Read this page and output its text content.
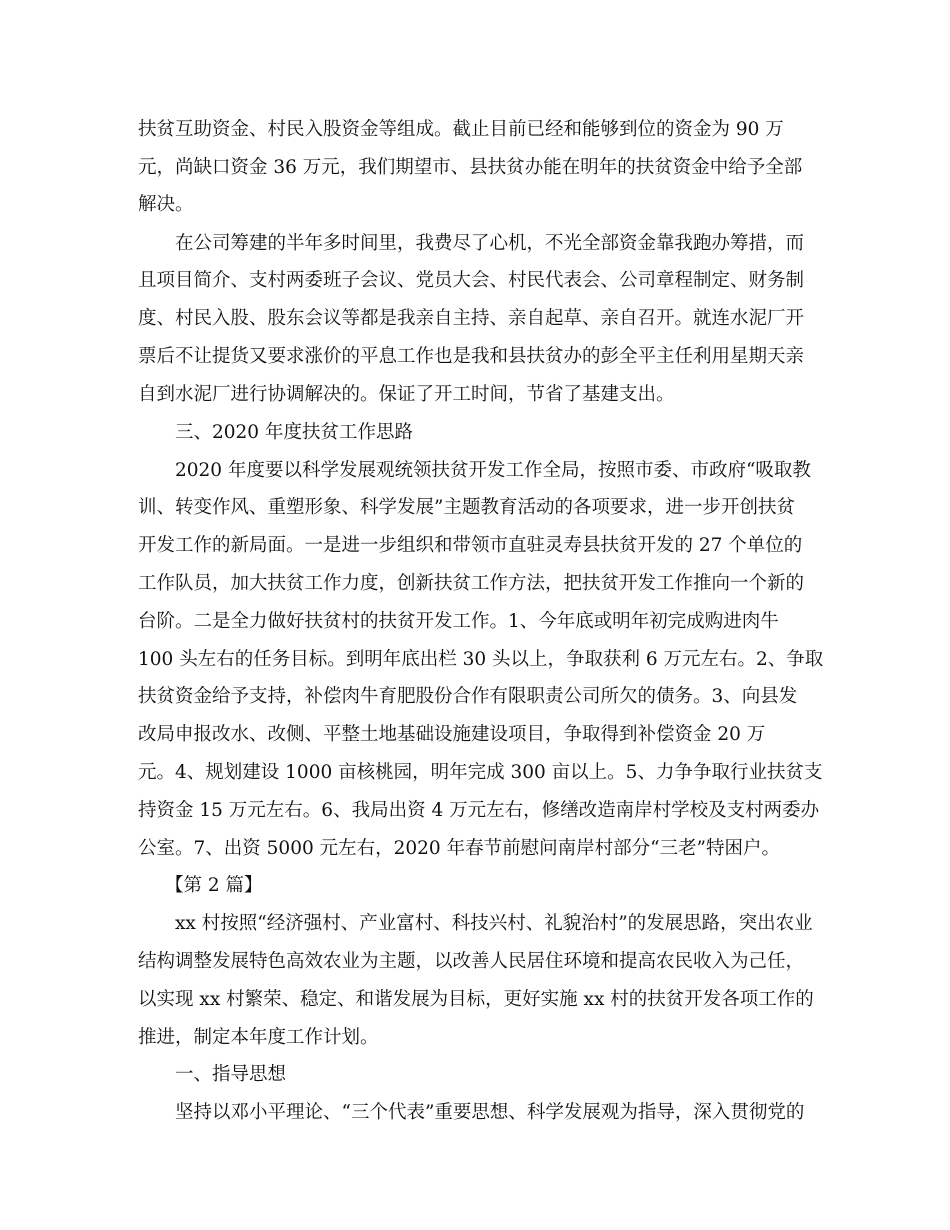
扶贫互助资金、村民入股资金等组成。截止目前已经和能够到位的资金为 90 万
元，尚缺口资金 36 万元，我们期望市、县扶贫办能在明年的扶贫资金中给予全部
解决。
在公司筹建的半年多时间里，我费尽了心机，不光全部资金靠我跑办筹措，而
且项目简介、支村两委班子会议、党员大会、村民代表会、公司章程制定、财务制
度、村民入股、股东会议等都是我亲自主持、亲自起草、亲自召开。就连水泥厂开
票后不让提货又要求涨价的平息工作也是我和县扶贫办的彭全平主任利用星期天亲
自到水泥厂进行协调解决的。保证了开工时间，节省了基建支出。
三、2020 年度扶贫工作思路
2020 年度要以科学发展观统领扶贫开发工作全局，按照市委、市政府“吸取教
训、转变作风、重塑形象、科学发展”主题教育活动的各项要求，进一步开创扶贫
开发工作的新局面。一是进一步组织和带领市直驻灵寿县扶贫开发的 27 个单位的
工作队员，加大扶贫工作力度，创新扶贫工作方法，把扶贫开发工作推向一个新的
台阶。二是全力做好扶贫村的扶贫开发工作。1、今年底或明年初完成购进肉牛
100 头左右的任务目标。到明年底出栏 30 头以上，争取获利 6 万元左右。2、争取
扶贫资金给予支持，补偿肉牛育肥股份合作有限职责公司所欠的债务。3、向县发
改局申报改水、改侧、平整土地基础设施建设项目，争取得到补偿资金 20 万
元。4、规划建设 1000 亩核桃园，明年完成 300 亩以上。5、力争争取行业扶贫支
持资金 15 万元左右。6、我局出资 4 万元左右，修缮改造南岸村学校及支村两委办
公室。7、出资 5000 元左右，2020 年春节前慰问南岸村部分“三老”特困户。
【第 2 篇】
xx 村按照“经济强村、产业富村、科技兴村、礼貌治村”的发展思路，突出农业
结构调整发展特色高效农业为主题，以改善人民居住环境和提高农民收入为己任，
以实现 xx 村繁荣、稳定、和谐发展为目标，更好实施 xx 村的扶贫开发各项工作的
推进，制定本年度工作计划。
一、指导思想
坚持以邓小平理论、“三个代表”重要思想、科学发展观为指导，深入贯彻党的
